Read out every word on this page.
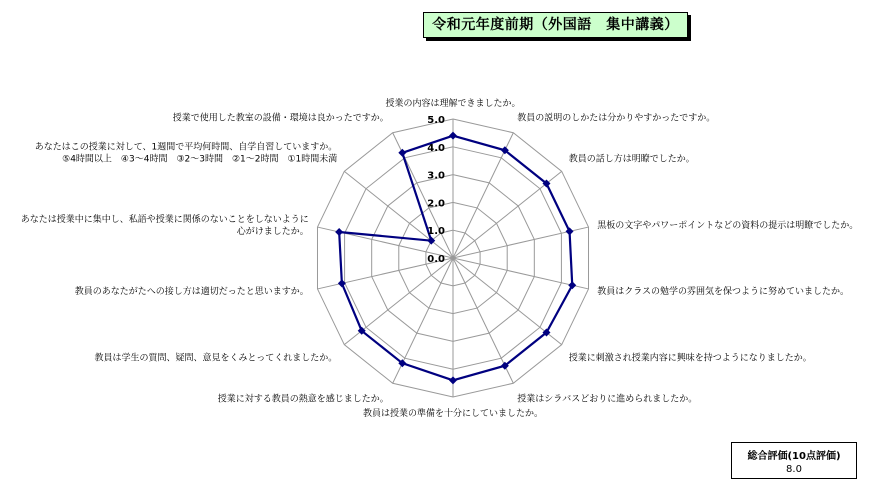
令和元年度前期（外国語　集中講義）
0.0
1.0
2.0
3.0
4.0
5.0
授業の内容は理解できましたか。
教員の説明のしかたは分かりやすかったですか。
教員の話し方は明瞭でしたか。
黒板の文字やパワーポイントなどの資料の提示は明瞭でしたか。
教員はクラスの勉学の雰囲気を保つように努めていましたか。
授業に刺激され授業内容に興味を持つようになりましたか。
授業はシラバスどおりに進められましたか。
教員は授業の準備を十分にしていましたか。
授業に対する教員の熱意を感じましたか。
教員は学生の質問、疑問、意見をくみとってくれましたか。
教員のあなたがたへの接し方は適切だったと思いますか。
あなたは授業中に集中し、私語や授業に関係のないことをしないように
心がけましたか。
あなたはこの授業に対して、1週間で平均何時間、自学自習していますか。
⑤4時間以上　④3～4時間　③2～3時間　②1～2時間　①1時間未満
授業で使用した教室の設備・環境は良かったですか。
総合評価(10点評価)
8.0
